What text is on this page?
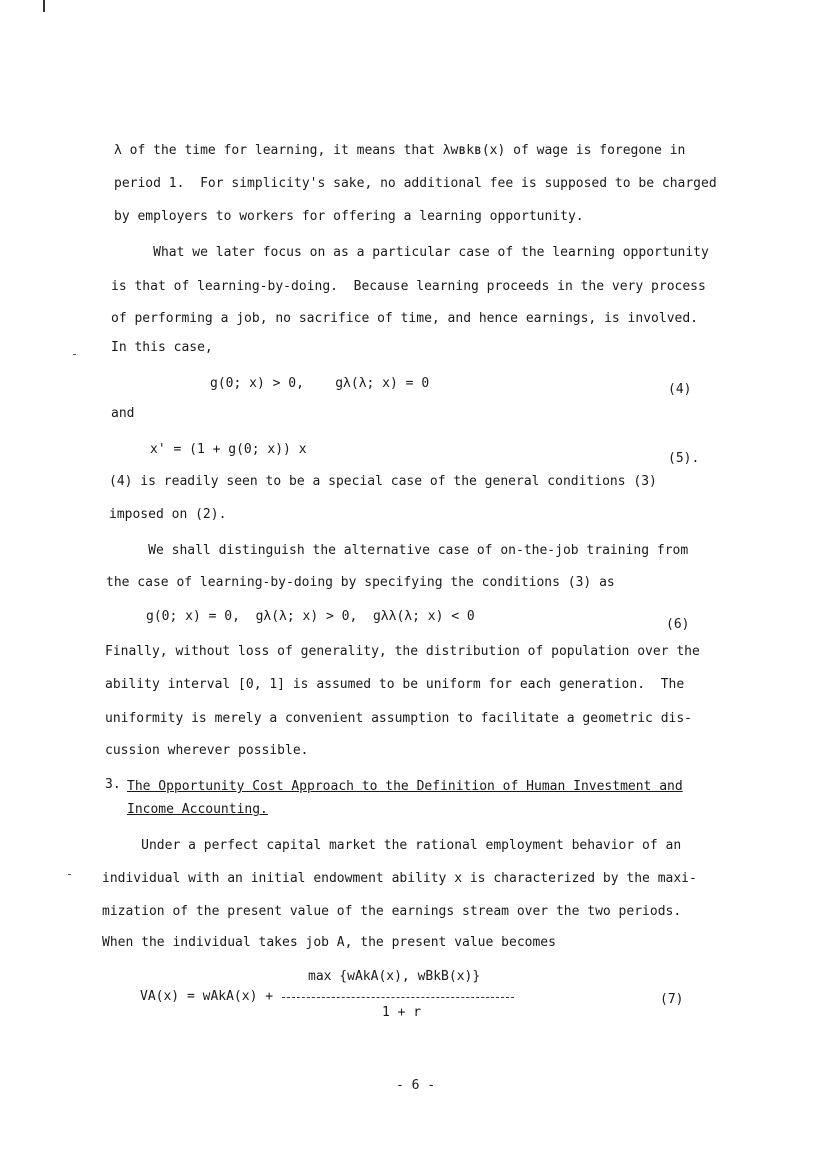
λ of the time for learning, it means that λwʙkʙ(x) of wage is foregone in
period 1.  For simplicity's sake, no additional fee is supposed to be charged
by employers to workers for offering a learning opportunity.
What we later focus on as a particular case of the learning opportunity
is that of learning-by-doing.  Because learning proceeds in the very process
of performing a job, no sacrifice of time, and hence earnings, is involved.
In this case,
g(0; x) > 0,    gλ(λ; x) = 0	(4)
and
x' = (1 + g(0; x)) x
(5).
(4) is readily seen to be a special case of the general conditions (3)
imposed on (2).
We shall distinguish the alternative case of on-the-job training from
the case of learning-by-doing by specifying the conditions (3) as
g(0; x) = 0,  gλ(λ; x) > 0,  gλλ(λ; x) < 0
(6)
Finally, without loss of generality, the distribution of population over the
ability interval [0, 1] is assumed to be uniform for each generation.  The
uniformity is merely a convenient assumption to facilitate a geometric dis-
cussion wherever possible.
3. The Opportunity Cost Approach to the Definition of Human Investment and
Income Accounting.
Under a perfect capital market the rational employment behavior of an
individual with an initial endowment ability x is characterized by the maxi-
mization of the present value of the earnings stream over the two periods.
When the individual takes job A, the present value becomes
VA(x) = wAkA(x) +
max {wAkA(x), wBkB(x)}
1 + r
(7)
- 6 -
